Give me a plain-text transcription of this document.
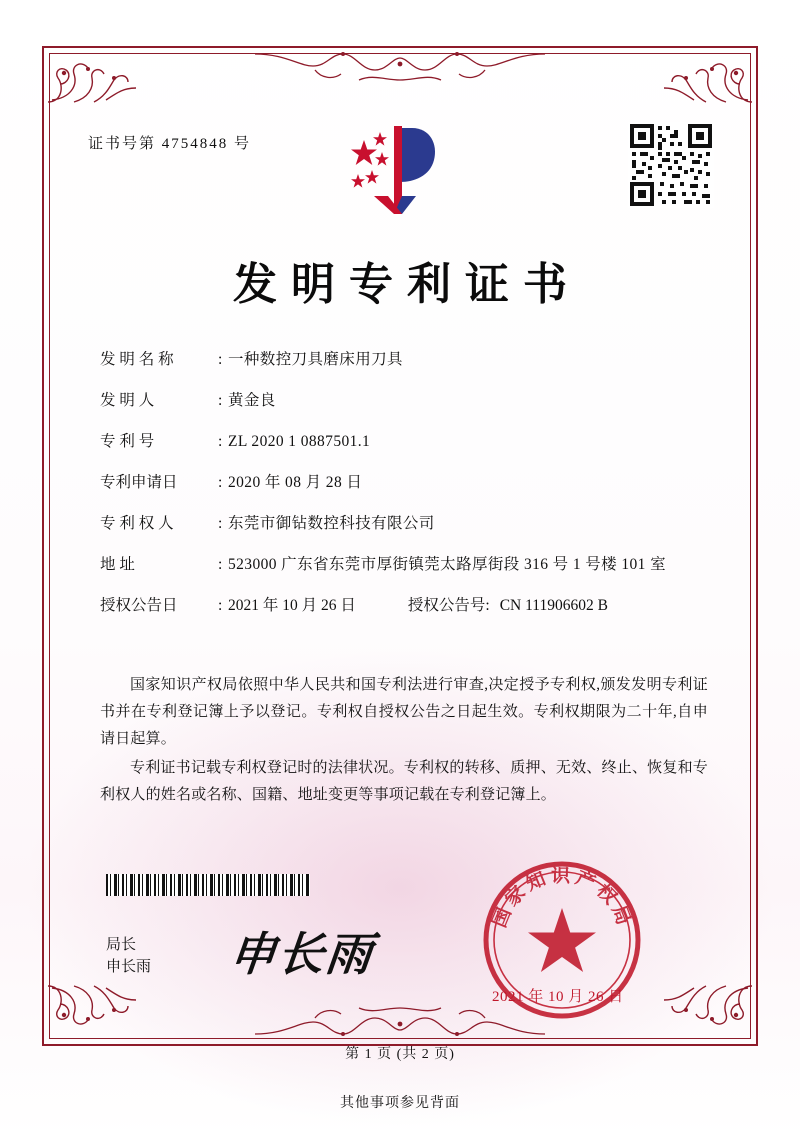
证书号第 4754848 号
发明专利证书
发 明 名 称	: 一种数控刀具磨床用刀具
发 明 人	: 黄金良
专 利 号	: ZL 2020 1 0887501.1
专利申请日	: 2020 年 08 月 28 日
专 利 权 人	: 东莞市御钻数控科技有限公司
地 址	: 523000 广东省东莞市厚街镇莞太路厚街段 316 号 1 号楼 101 室
授权公告日	: 2021 年 10 月 26 日	授权公告号: CN 111906602 B

国家知识产权局依照中华人民共和国专利法进行审查,决定授予专利权,颁发发明专利证书并在专利登记簿上予以登记。专利权自授权公告之日起生效。专利权期限为二十年,自申请日起算。

专利证书记载专利权登记时的法律状况。专利权的转移、质押、无效、终止、恢复和专利权人的姓名或名称、国籍、地址变更等事项记载在专利登记簿上。

局长
申长雨 申长雨
国家知识产权局
2021 年 10 月 26 日
第 1 页 (共 2 页)
其他事项参见背面
